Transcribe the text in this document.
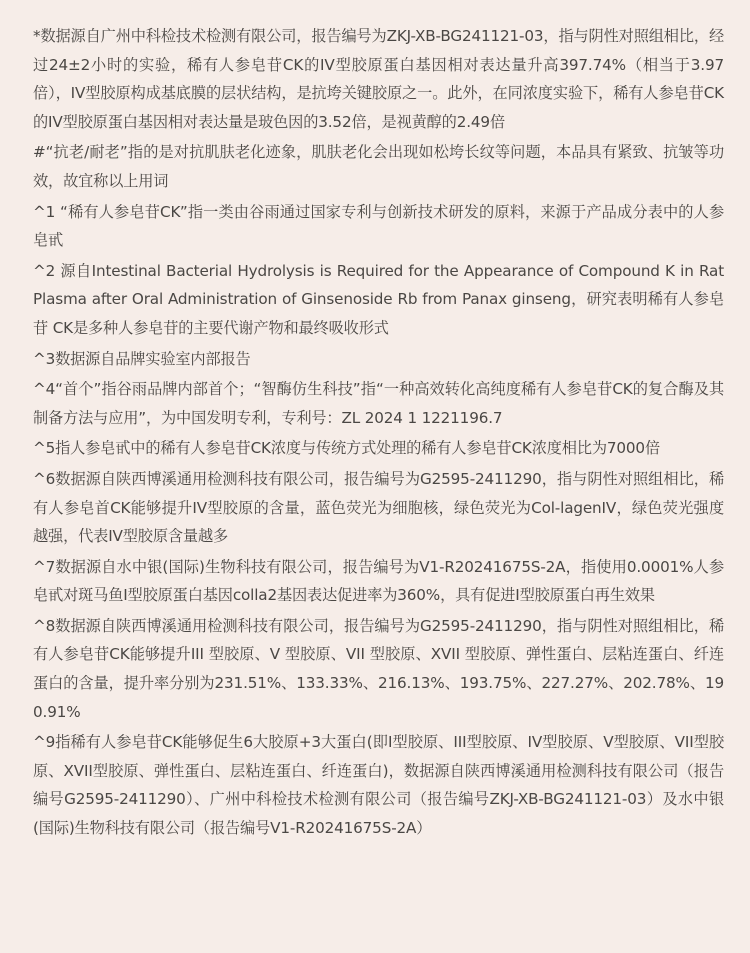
*数据源自广州中科检技术检测有限公司，报告编号为ZKJ-XB-BG241121-03，指与阴性对照组相比，经过24±2小时的实验，稀有人参皂苷CK的IV型胶原蛋白基因相对表达量升高397.74%（相当于3.97倍），IV型胶原构成基底膜的层状结构，是抗垮关键胶原之一。此外，在同浓度实验下，稀有人参皂苷CK的IV型胶原蛋白基因相对表达量是玻色因的3.52倍，是视黄醇的2.49倍

#“抗老/耐老”指的是对抗肌肤老化迹象，肌肤老化会出现如松垮长纹等问题，本品具有紧致、抗皱等功效，故宜称以上用词

^1 “稀有人参皂苷CK”指一类由谷雨通过国家专利与创新技术研发的原料，来源于产品成分表中的人参皂甙

^2 源自Intestinal Bacterial Hydrolysis is Required for the Appearance of Compound K in Rat Plasma after Oral Administration of Ginsenoside Rb from Panax ginseng，研究表明稀有人参皂苷 CK是多种人参皂苷的主要代谢产物和最终吸收形式

^3数据源自品牌实验室内部报告

^4“首个”指谷雨品牌内部首个；“智酶仿生科技”指“一种高效转化高纯度稀有人参皂苷CK的复合酶及其制备方法与应用”，为中国发明专利，专利号：ZL 2024 1 1221196.7

^5指人参皂甙中的稀有人参皂苷CK浓度与传统方式处理的稀有人参皂苷CK浓度相比为7000倍

^6数据源自陕西博溪通用检测科技有限公司，报告编号为G2595-2411290，指与阴性对照组相比，稀有人参皂首CK能够提升IV型胶原的含量，蓝色荧光为细胞核，绿色荧光为Col-lagenIV，绿色荧光强度越强，代表IV型胶原含量越多

^7数据源自水中银(国际)生物科技有限公司，报告编号为V1-R20241675S-2A，指使用0.0001%人参皂甙对斑马鱼Ⅰ型胶原蛋白基因colla2基因表达促进率为360%，具有促进Ⅰ型胶原蛋白再生效果

^8数据源自陕西博溪通用检测科技有限公司，报告编号为G2595-2411290，指与阴性对照组相比，稀有人参皂苷CK能够提升III 型胶原、V 型胶原、VII 型胶原、XVII 型胶原、弹性蛋白、层粘连蛋白、纤连蛋白的含量，提升率分别为231.51%、133.33%、216.13%、193.75%、227.27%、202.78%、190.91%

^9指稀有人参皂苷CK能够促生6大胶原+3大蛋白(即Ⅰ型胶原、III型胶原、IV型胶原、V型胶原、VII型胶原、XVII型胶原、弹性蛋白、层粘连蛋白、纤连蛋白)，数据源自陕西博溪通用检测科技有限公司（报告编号G2595-2411290）、广州中科检技术检测有限公司（报告编号ZKJ-XB-BG241121-03）及水中银(国际)生物科技有限公司（报告编号V1-R20241675S-2A）
